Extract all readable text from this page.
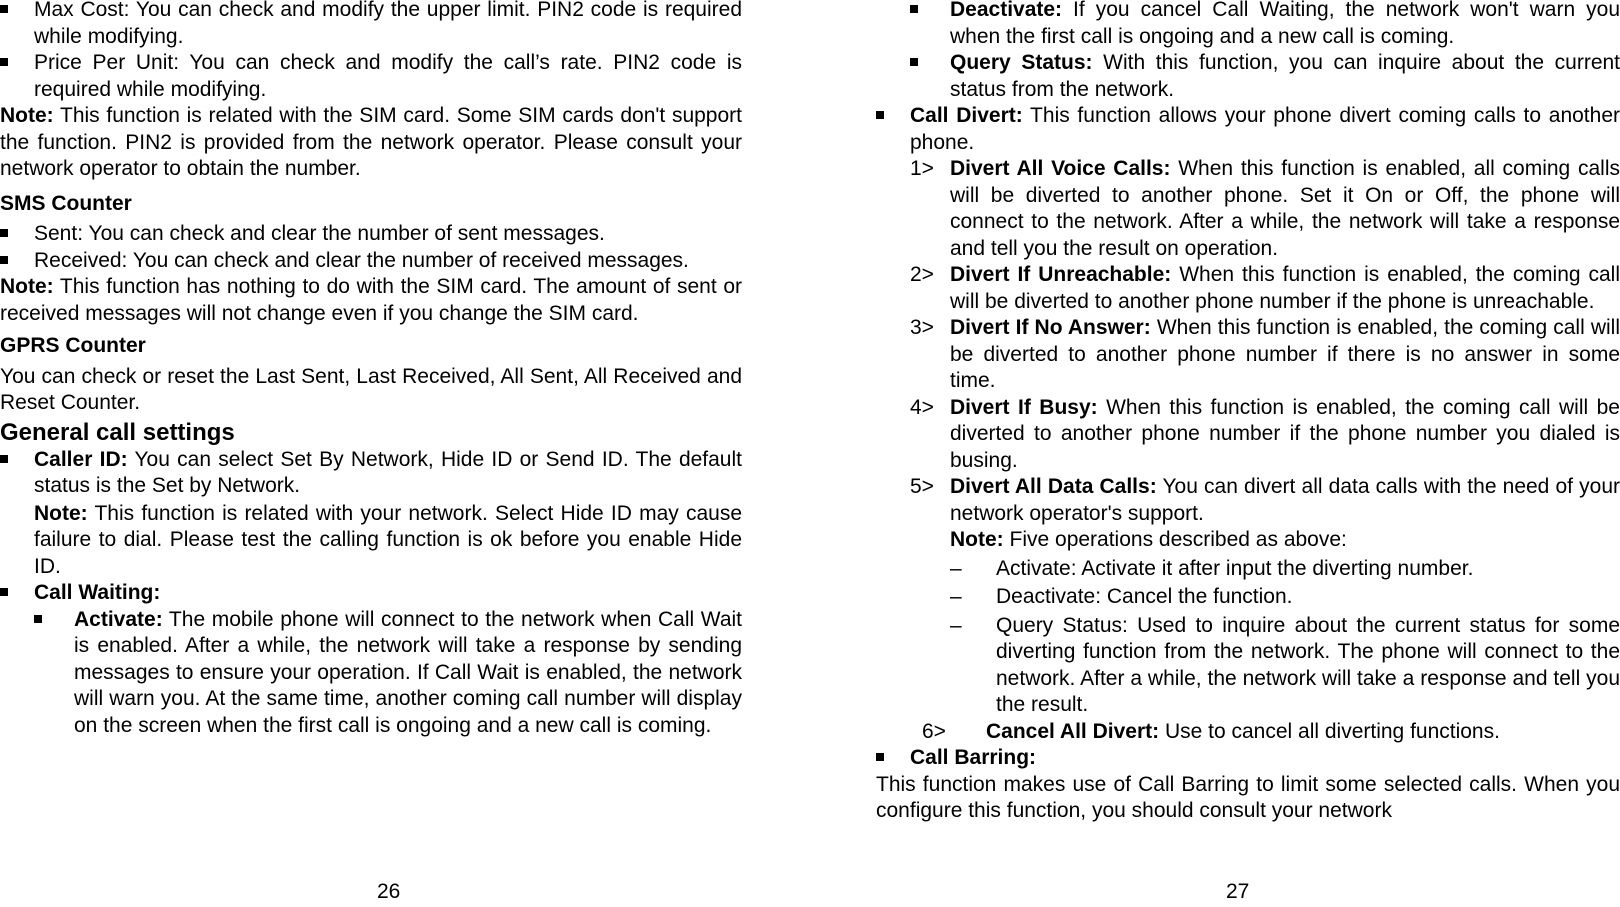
Max Cost: You can check and modify the upper limit. PIN2 code is required while modifying.

Price Per Unit: You can check and modify the call’s rate. PIN2 code is required while modifying.

Note: This function is related with the SIM card. Some SIM cards don't support the function. PIN2 is provided from the network operator. Please consult your network operator to obtain the number.

SMS Counter

Sent: You can check and clear the number of sent messages.

Received: You can check and clear the number of received messages.

Note: This function has nothing to do with the SIM card. The amount of sent or received messages will not change even if you change the SIM card.

GPRS Counter

You can check or reset the Last Sent, Last Received, All Sent, All Received and Reset Counter.

General call settings

Caller ID: You can select Set By Network, Hide ID or Send ID. The default status is the Set by Network.

Note: This function is related with your network. Select Hide ID may cause failure to dial. Please test the calling function is ok before you enable Hide ID.

Call Waiting:

Activate: The mobile phone will connect to the network when Call Wait is enabled. After a while, the network will take a response by sending messages to ensure your operation. If Call Wait is enabled, the network will warn you. At the same time, another coming call number will display on the screen when the first call is ongoing and a new call is coming.

26

Deactivate: If you cancel Call Waiting, the network won't warn you when the first call is ongoing and a new call is coming.

Query Status: With this function, you can inquire about the current status from the network.

Call Divert: This function allows your phone divert coming calls to another phone.

1> Divert All Voice Calls: When this function is enabled, all coming calls will be diverted to another phone. Set it On or Off, the phone will connect to the network. After a while, the network will take a response and tell you the result on operation.

2> Divert If Unreachable: When this function is enabled, the coming call will be diverted to another phone number if the phone is unreachable.

3> Divert If No Answer: When this function is enabled, the coming call will be diverted to another phone number if there is no answer in some time.

4> Divert If Busy: When this function is enabled, the coming call will be diverted to another phone number if the phone number you dialed is busing.

5> Divert All Data Calls: You can divert all data calls with the need of your network operator's support.

Note: Five operations described as above:

– Activate: Activate it after input the diverting number.

– Deactivate: Cancel the function.

– Query Status: Used to inquire about the current status for some diverting function from the network. The phone will connect to the network. After a while, the network will take a response and tell you the result.

6> Cancel All Divert: Use to cancel all diverting functions.

Call Barring:

This function makes use of Call Barring to limit some selected calls. When you configure this function, you should consult your network

27
